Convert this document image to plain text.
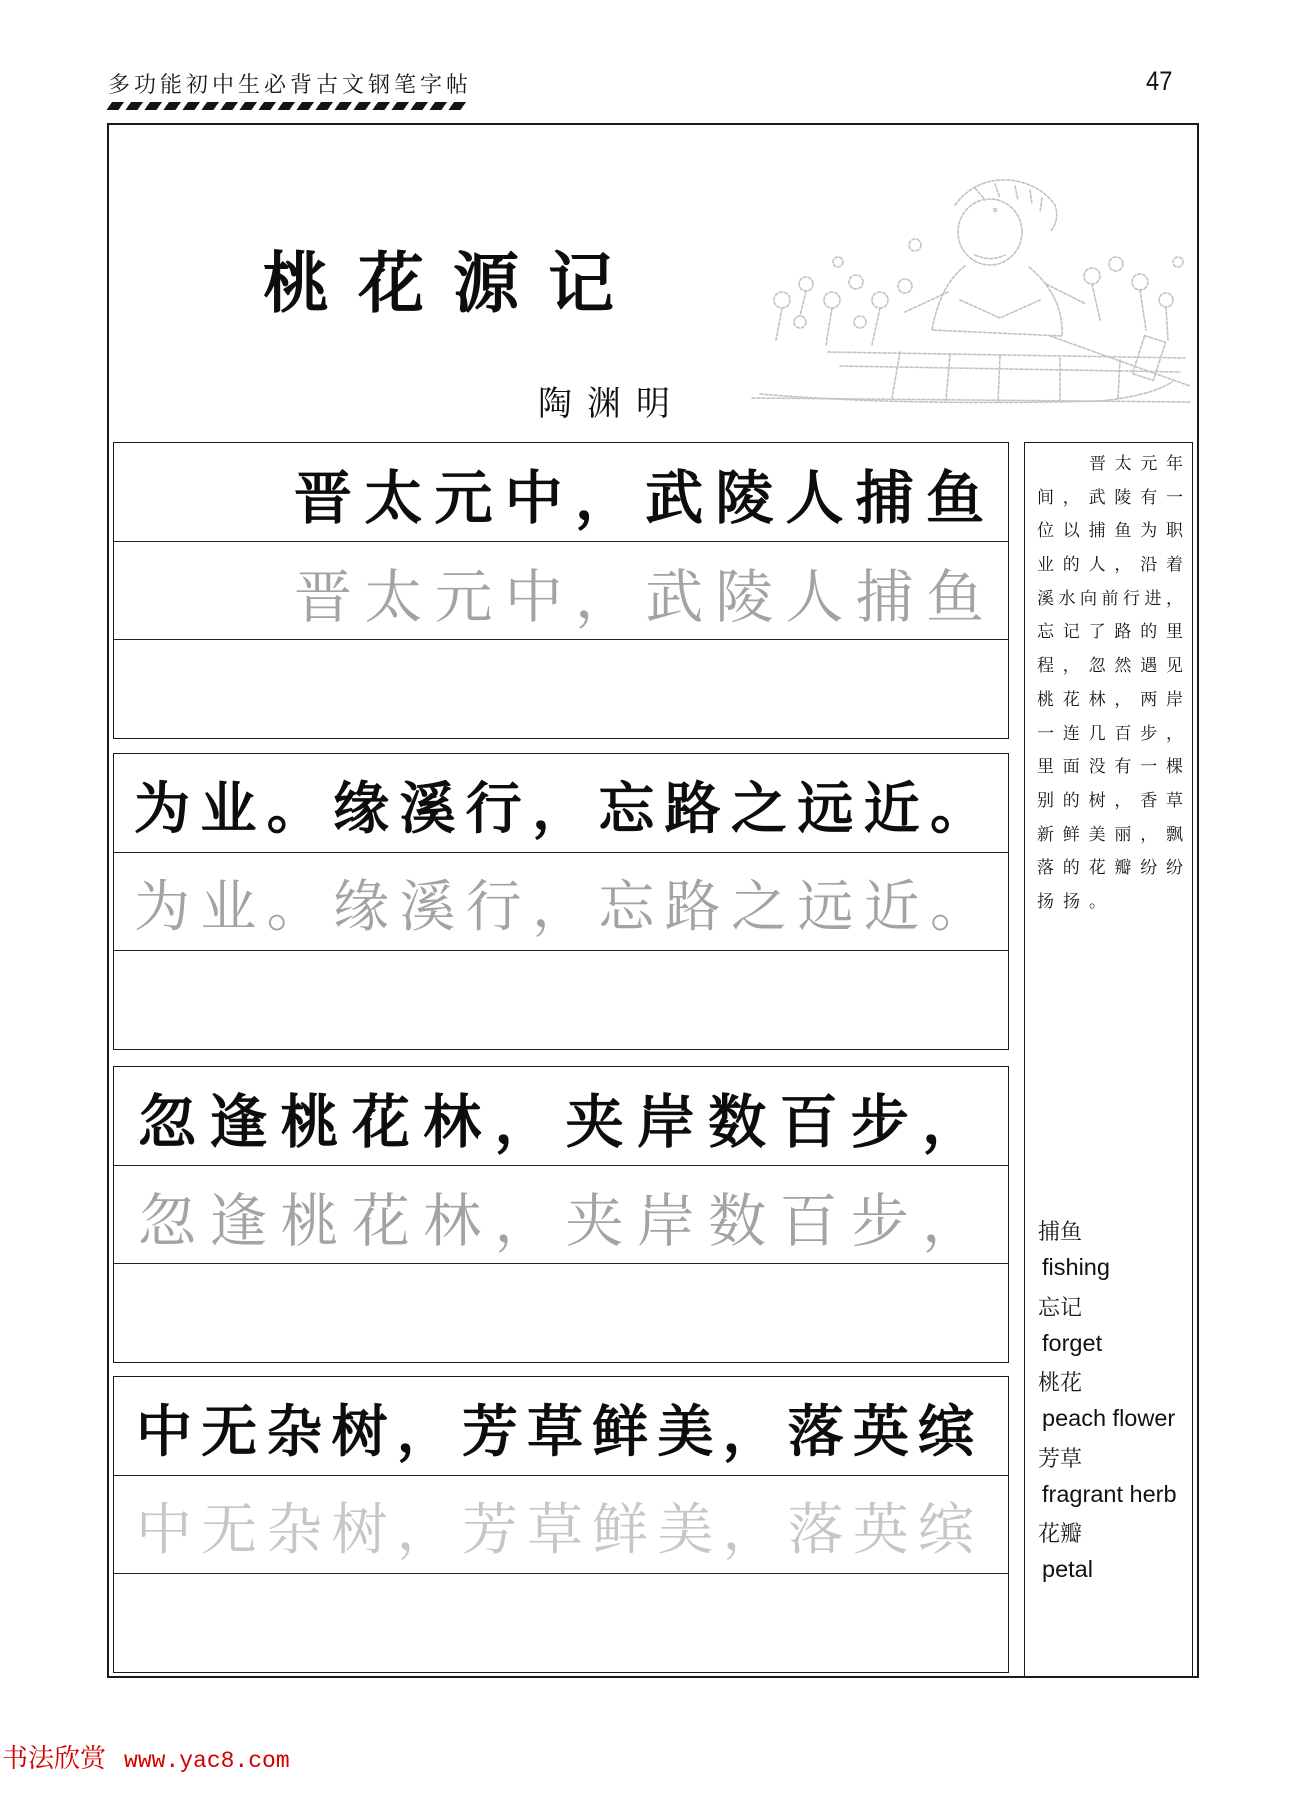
多功能初中生必背古文钢笔字帖	47
桃花源记
陶渊明
晋太元中，武陵人捕鱼
晋太元中，武陵人捕鱼
为业。缘溪行，忘路之远近。
为业。缘溪行，忘路之远近。
忽逢桃花林，夹岸数百步，
忽逢桃花林，夹岸数百步，
中无杂树，芳草鲜美，落英缤
中无杂树，芳草鲜美，落英缤
晋太元年
间，武陵有一
位以捕鱼为职
业的人，沿着
溪水向前行进，
忘记了路的里
程，忽然遇见
桃花林，两岸
一连几百步，
里面没有一棵
别的树，香草
新鲜美丽，飘
落的花瓣纷纷
扬扬。
捕鱼
fishing
忘记
forget
桃花
peach flower
芳草
fragrant herb
花瓣
petal
书法欣赏 www.yac8.com
